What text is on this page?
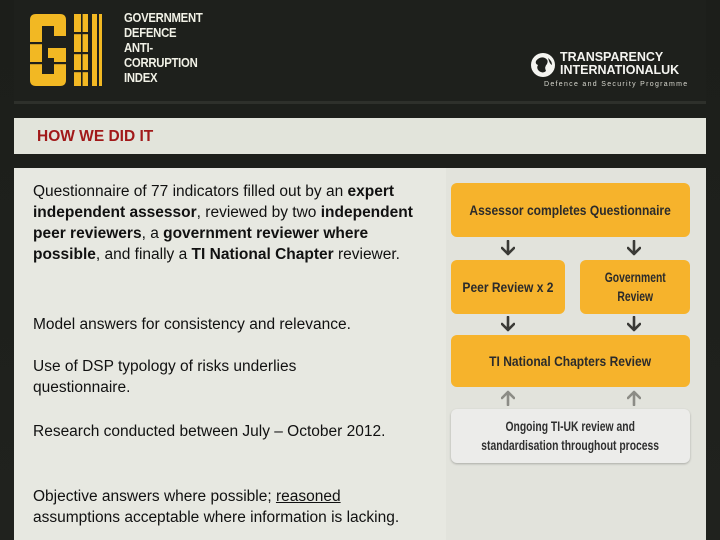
GOVERNMENT
DEFENCE
ANTI-
CORRUPTION
INDEX
TRANSPARENCY
INTERNATIONALUK
Defence and Security Programme
HOW WE DID IT
Questionnaire of 77 indicators filled out by an expert independent assessor, reviewed by two independent peer reviewers, a government reviewer where possible, and finally a TI National Chapter reviewer.
Model answers for consistency and relevance.
Use of DSP typology of risks underlies questionnaire.
Research conducted between July – October 2012.
Objective answers where possible; reasoned assumptions acceptable where information is lacking.
Assessor completes Questionnaire
Peer Review x 2
Government
Review
TI National Chapters Review
Ongoing TI-UK review and
standardisation throughout process
